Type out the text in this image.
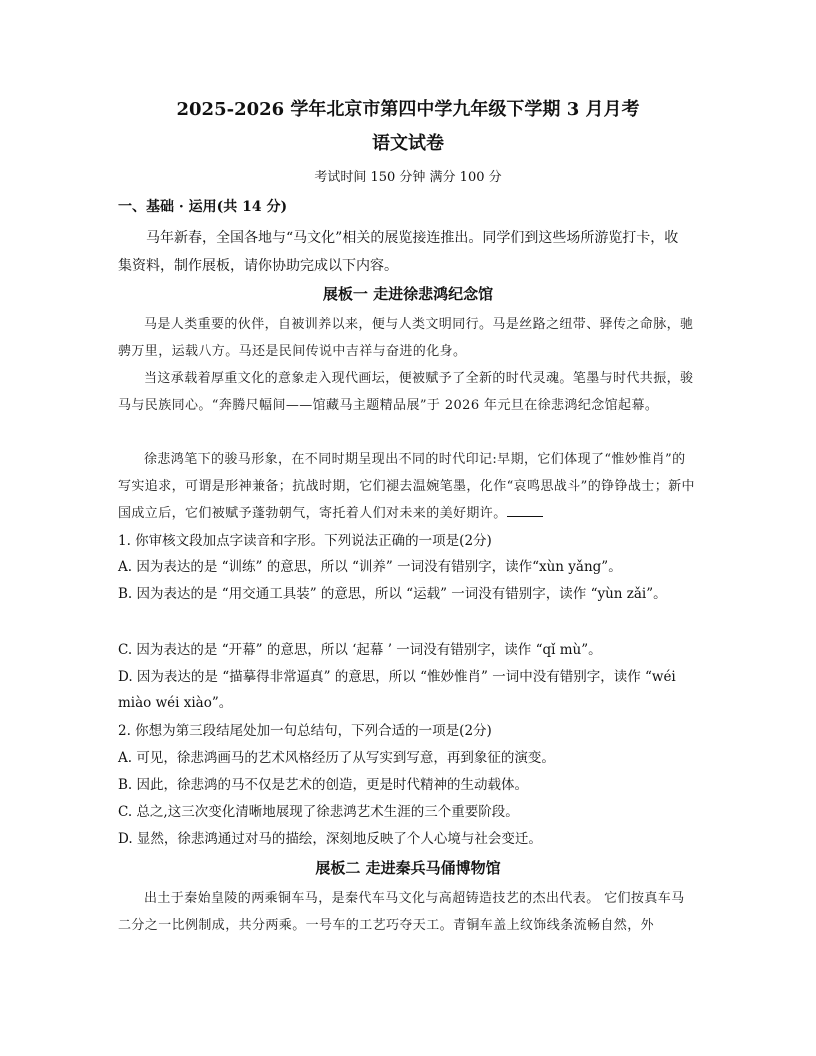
2025-2026 学年北京市第四中学九年级下学期 3 月月考
语文试卷
考试时间 150 分钟 满分 100 分
一、基础 · 运用(共 14 分)
马年新春，全国各地与“马文化”相关的展览接连推出。同学们到这些场所游览打卡，收集资料，制作展板，请你协助完成以下内容。
展板一 走进徐悲鸿纪念馆
马是人类重要的伙伴，自被训养以来，便与人类文明同行。马是丝路之纽带、驿传之命脉，驰骋万里，运载八方。马还是民间传说中吉祥与奋进的化身。
当这承载着厚重文化的意象走入现代画坛，便被赋予了全新的时代灵魂。笔墨与时代共振，骏马与民族同心。“奔腾尺幅间——馆藏马主题精品展”于 2026 年元旦在徐悲鸿纪念馆起幕。
徐悲鸿笔下的骏马形象，在不同时期呈现出不同的时代印记:早期，它们体现了“惟妙惟肖”的写实追求，可谓是形神兼备；抗战时期，它们褪去温婉笔墨，化作“哀鸣思战斗”的铮铮战士；新中国成立后，它们被赋予蓬勃朝气，寄托着人们对未来的美好期许。
1. 你审核文段加点字读音和字形。下列说法正确的一项是(2分)
A. 因为表达的是 “训练” 的意思，所以 “训养” 一词没有错别字，读作“xùn yǎng”。
B. 因为表达的是 “用交通工具装” 的意思，所以 “运载” 一词没有错别字，读作 “yùn zǎi”。
C. 因为表达的是 “开幕” 的意思，所以 ‘起幕 ’ 一词没有错别字，读作 “qǐ mù”。
D. 因为表达的是 “描摹得非常逼真” 的意思，所以 “惟妙惟肖” 一词中没有错别字，读作 “wéi miào wéi xiào”。
2. 你想为第三段结尾处加一句总结句，下列合适的一项是(2分)
A. 可见，徐悲鸿画马的艺术风格经历了从写实到写意，再到象征的演变。
B. 因此，徐悲鸿的马不仅是艺术的创造，更是时代精神的生动载体。
C. 总之,这三次变化清晰地展现了徐悲鸿艺术生涯的三个重要阶段。
D. 显然，徐悲鸿通过对马的描绘，深刻地反映了个人心境与社会变迁。
展板二 走进秦兵马俑博物馆
出土于秦始皇陵的两乘铜车马，是秦代车马文化与高超铸造技艺的杰出代表。 它们按真车马二分之一比例制成，共分两乘。一号车的工艺巧夺天工。青铜车盖上纹饰线条流畅自然，外
